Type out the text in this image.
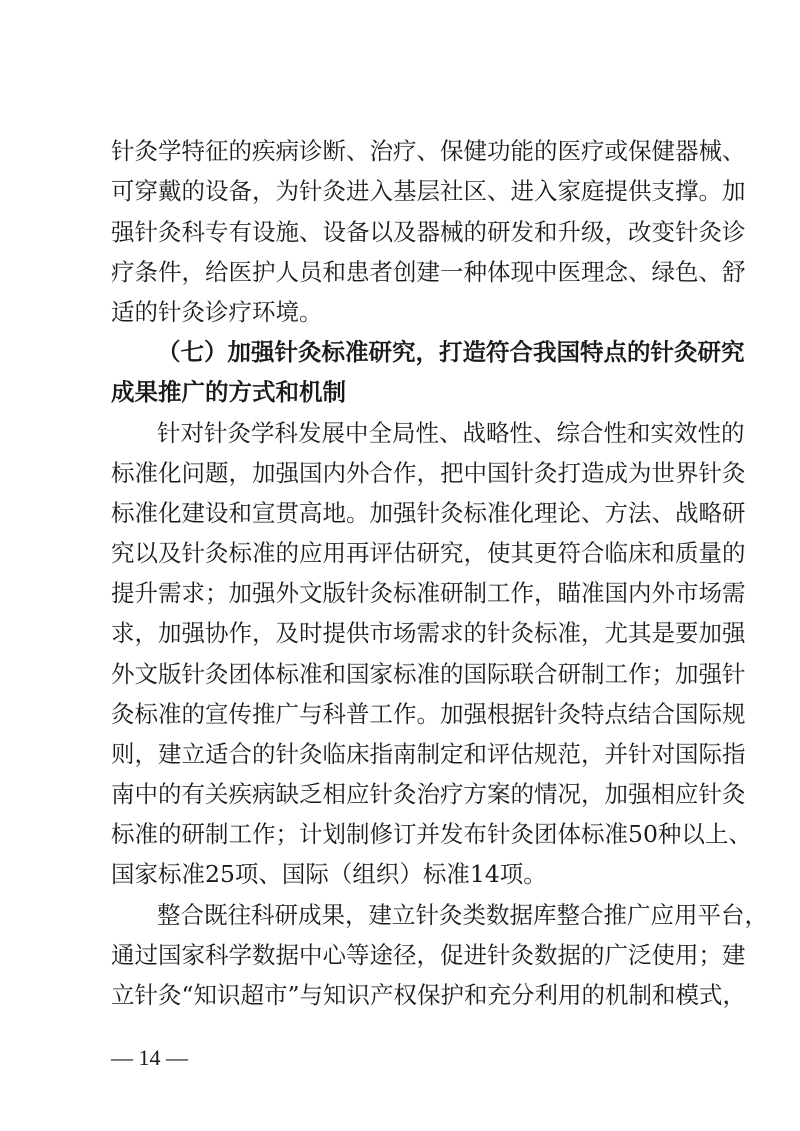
针灸学特征的疾病诊断、治疗、保健功能的医疗或保健器械、
可穿戴的设备，为针灸进入基层社区、进入家庭提供支撑。加
强针灸科专有设施、设备以及器械的研发和升级，改变针灸诊
疗条件，给医护人员和患者创建一种体现中医理念、绿色、舒
适的针灸诊疗环境。
（七）加强针灸标准研究，打造符合我国特点的针灸研究
成果推广的方式和机制
针对针灸学科发展中全局性、战略性、综合性和实效性的
标准化问题，加强国内外合作，把中国针灸打造成为世界针灸
标准化建设和宣贯高地。加强针灸标准化理论、方法、战略研
究以及针灸标准的应用再评估研究，使其更符合临床和质量的
提升需求；加强外文版针灸标准研制工作，瞄准国内外市场需
求，加强协作，及时提供市场需求的针灸标准，尤其是要加强
外文版针灸团体标准和国家标准的国际联合研制工作；加强针
灸标准的宣传推广与科普工作。加强根据针灸特点结合国际规
则，建立适合的针灸临床指南制定和评估规范，并针对国际指
南中的有关疾病缺乏相应针灸治疗方案的情况，加强相应针灸
标准的研制工作；计划制修订并发布针灸团体标准50种以上、
国家标准25项、国际（组织）标准14项。
整合既往科研成果，建立针灸类数据库整合推广应用平台，
通过国家科学数据中心等途径，促进针灸数据的广泛使用；建
立针灸“知识超市”与知识产权保护和充分利用的机制和模式，
— 14 —
